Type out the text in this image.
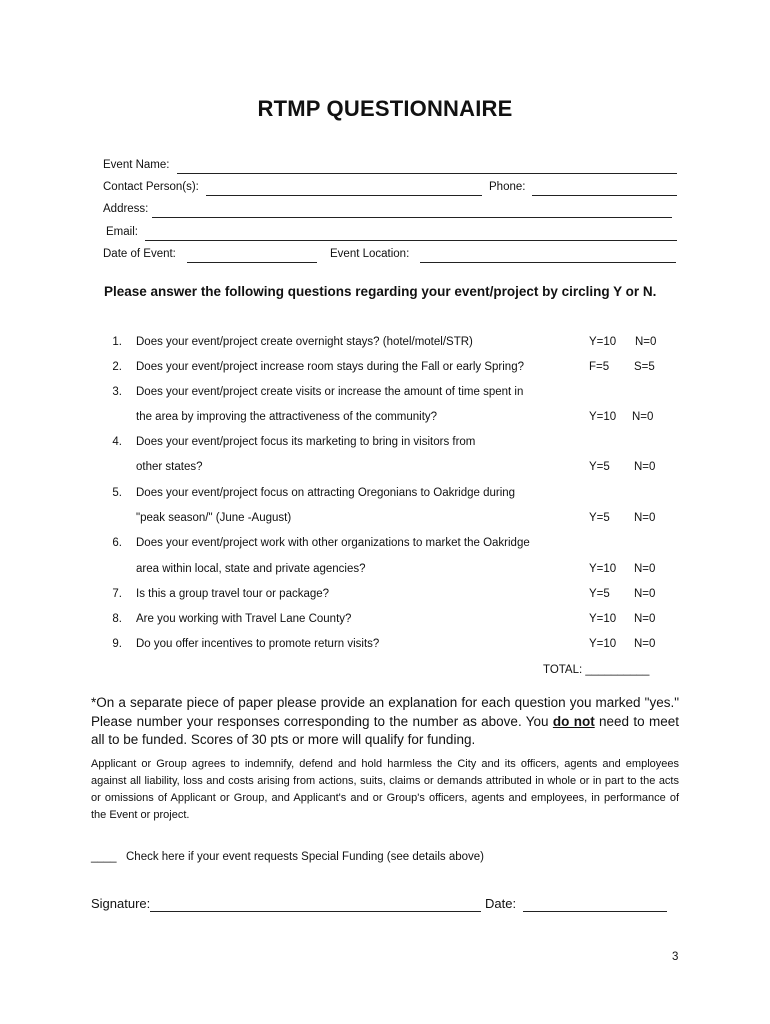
RTMP QUESTIONNAIRE
Event Name:
Contact Person(s):	Phone:
Address:
Email:
Date of Event:	Event Location:
Please answer the following questions regarding your event/project by circling Y or N.
1. Does your event/project create overnight stays? (hotel/motel/STR)	Y=10 N=0
2. Does your event/project increase room stays during the Fall or early Spring?	F=5 S=5
3. Does your event/project create visits or increase the amount of time spent in
the area by improving the attractiveness of the community?	Y=10 N=0
4. Does your event/project focus its marketing to bring in visitors from
other states?	Y=5 N=0
5. Does your event/project focus on attracting Oregonians to Oakridge during
"peak season/" (June -August)	Y=5 N=0
6. Does your event/project work with other organizations to market the Oakridge
area within local, state and private agencies?	Y=10 N=0
7. Is this a group travel tour or package?	Y=5 N=0
8. Are you working with Travel Lane County?	Y=10 N=0
9. Do you offer incentives to promote return visits?	Y=10 N=0
TOTAL: __________
*On a separate piece of paper please provide an explanation for each question you marked "yes." Please number your responses corresponding to the number as above. You do not need to meet all to be funded. Scores of 30 pts or more will qualify for funding.
Applicant or Group agrees to indemnify, defend and hold harmless the City and its officers, agents and employees against all liability, loss and costs arising from actions, suits, claims or demands attributed in whole or in part to the acts or omissions of Applicant or Group, and Applicant's and or Group's officers, agents and employees, in performance of the Event or project.
____ Check here if your event requests Special Funding (see details above)
Signature:	Date:
3
